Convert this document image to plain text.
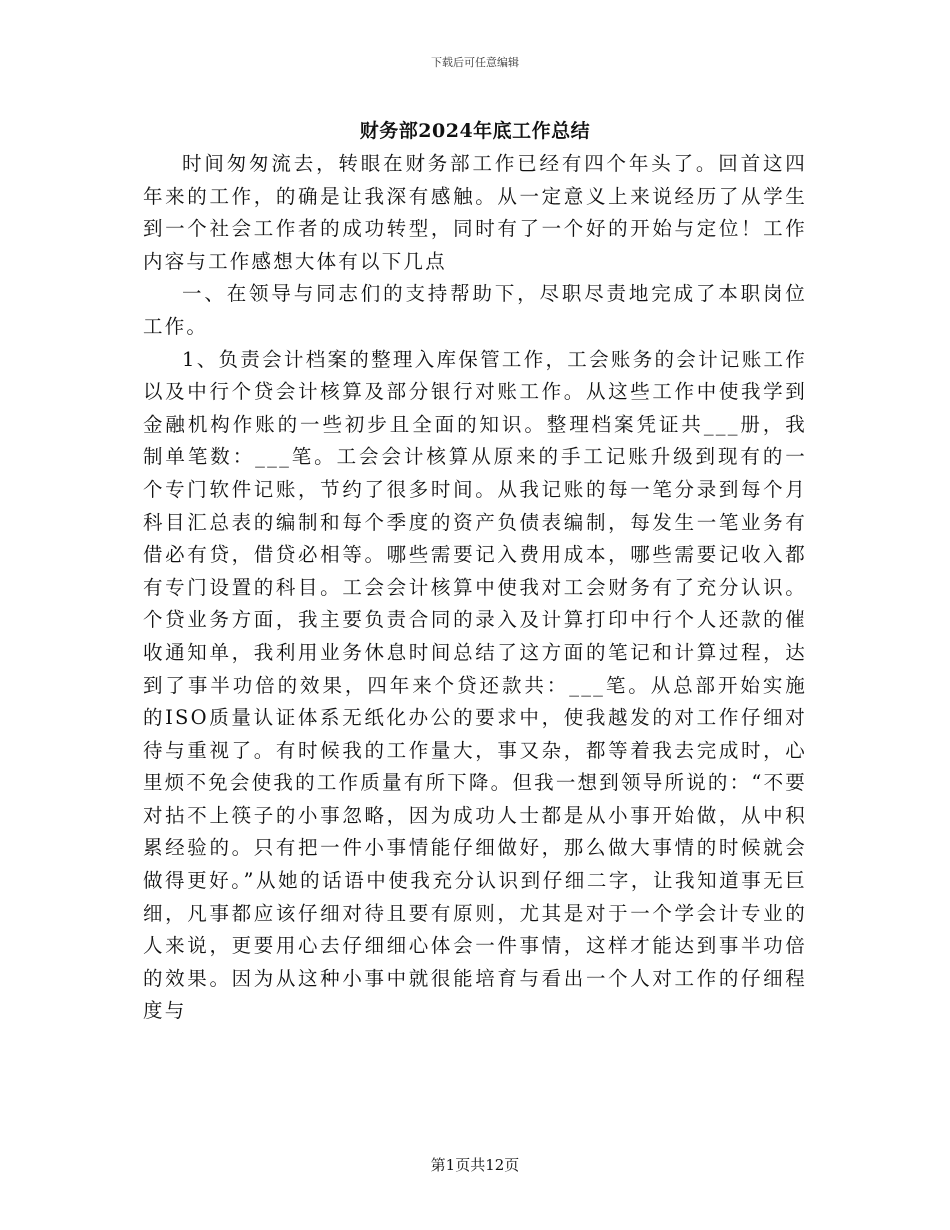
下载后可任意编辑
财务部2024年底工作总结

时间匆匆流去，转眼在财务部工作已经有四个年头了。回首这四年来的工作，的确是让我深有感触。从一定意义上来说经历了从学生到一个社会工作者的成功转型，同时有了一个好的开始与定位！工作内容与工作感想大体有以下几点

一、在领导与同志们的支持帮助下，尽职尽责地完成了本职岗位工作。

1、负责会计档案的整理入库保管工作，工会账务的会计记账工作以及中行个贷会计核算及部分银行对账工作。从这些工作中使我学到金融机构作账的一些初步且全面的知识。整理档案凭证共___册，我制单笔数：___笔。工会会计核算从原来的手工记账升级到现有的一个专门软件记账，节约了很多时间。从我记账的每一笔分录到每个月科目汇总表的编制和每个季度的资产负债表编制，每发生一笔业务有借必有贷，借贷必相等。哪些需要记入费用成本，哪些需要记收入都有专门设置的科目。工会会计核算中使我对工会财务有了充分认识。个贷业务方面，我主要负责合同的录入及计算打印中行个人还款的催收通知单，我利用业务休息时间总结了这方面的笔记和计算过程，达到了事半功倍的效果，四年来个贷还款共：___笔。从总部开始实施的ISO质量认证体系无纸化办公的要求中，使我越发的对工作仔细对待与重视了。有时候我的工作量大，事又杂，都等着我去完成时，心里烦不免会使我的工作质量有所下降。但我一想到领导所说的：“不要对拈不上筷子的小事忽略，因为成功人士都是从小事开始做，从中积累经验的。只有把一件小事情能仔细做好，那么做大事情的时候就会做得更好。”从她的话语中使我充分认识到仔细二字，让我知道事无巨细，凡事都应该仔细对待且要有原则，尤其是对于一个学会计专业的人来说，更要用心去仔细细心体会一件事情，这样才能达到事半功倍的效果。因为从这种小事中就很能培育与看出一个人对工作的仔细程度与

第1页共12页
